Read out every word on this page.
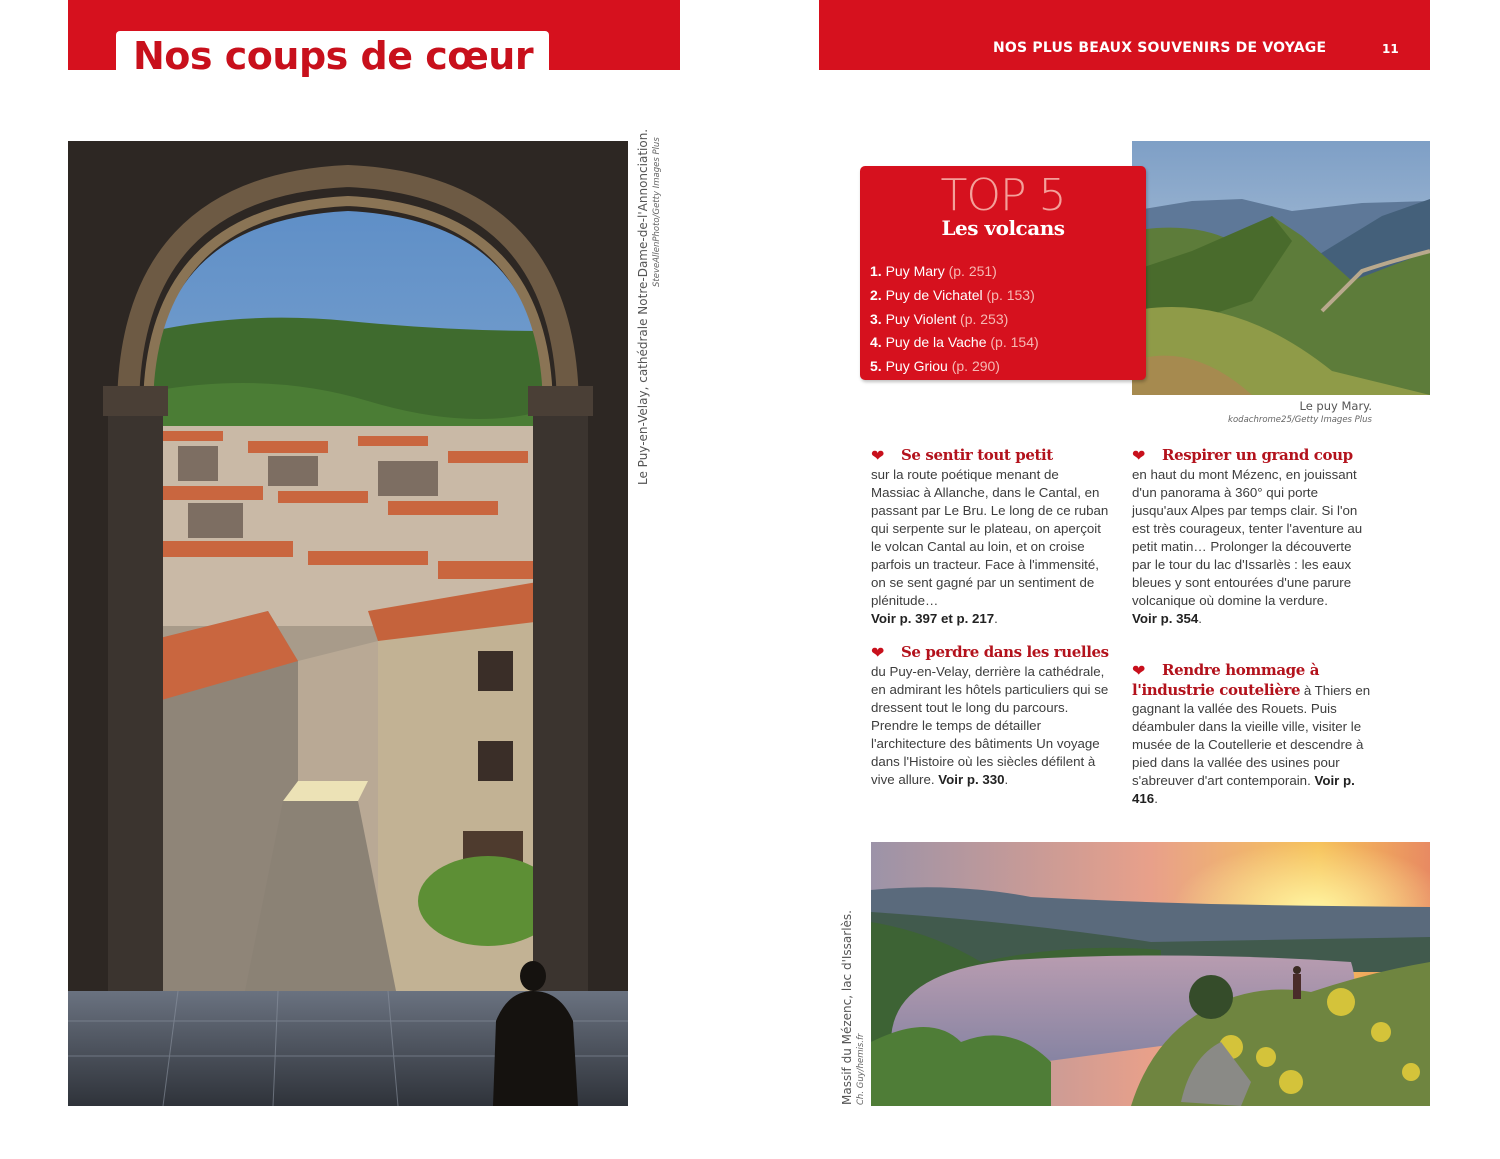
Nos coups de cœur
Le Puy-en-Velay, cathédrale Notre-Dame-de-l'Annonciation. SteveAllenPhoto/Getty Images Plus
NOS PLUS BEAUX SOUVENIRS DE VOYAGE	11
TOP 5
Les volcans
1. Puy Mary (p. 251)
2. Puy de Vichatel (p. 153)
3. Puy Violent (p. 253)
4. Puy de la Vache (p. 154)
5. Puy Griou (p. 290)
Le puy Mary.
kodachrome25/Getty Images Plus
❤ Se sentir tout petit
sur la route poétique menant de Massiac à Allanche, dans le Cantal, en passant par Le Bru. Le long de ce ruban qui serpente sur le plateau, on aperçoit le volcan Cantal au loin, et on croise parfois un tracteur. Face à l'immensité, on se sent gagné par un sentiment de plénitude…
Voir p. 397 et p. 217.
❤ Respirer un grand coup
en haut du mont Mézenc, en jouissant d'un panorama à 360° qui porte jusqu'aux Alpes par temps clair. Si l'on est très courageux, tenter l'aventure au petit matin… Prolonger la découverte par le tour du lac d'Issarlès : les eaux bleues y sont entourées d'une parure volcanique où domine la verdure.
Voir p. 354.
❤ Se perdre dans les ruelles du Puy-en-Velay, derrière la cathédrale, en admirant les hôtels particuliers qui se dressent tout le long du parcours. Prendre le temps de détailler l'architecture des bâtiments Un voyage dans l'Histoire où les siècles défilent à vive allure. Voir p. 330.
❤ Rendre hommage à l'industrie coutelière à Thiers en gagnant la vallée des Rouets. Puis déambuler dans la vieille ville, visiter le musée de la Coutellerie et descendre à pied dans la vallée des usines pour s'abreuver d'art contemporain. Voir p. 416.
Massif du Mézenc, lac d'Issarlès. Ch. Guy/hemis.fr
